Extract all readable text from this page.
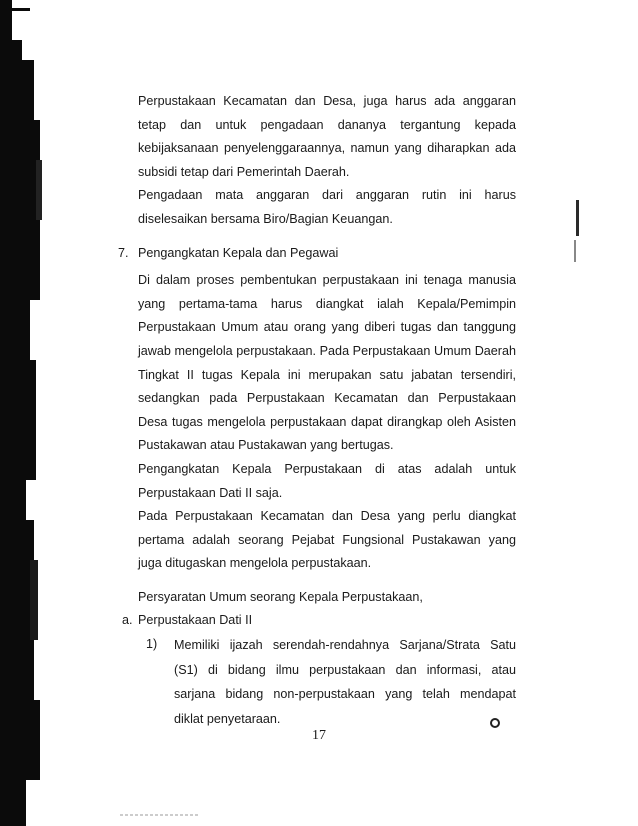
Perpustakaan Kecamatan dan Desa, juga harus ada anggaran
tetap dan untuk pengadaan dananya tergantung kepada
kebijaksanaan penyelenggaraannya, namun yang diharapkan ada
subsidi tetap dari Pemerintah Daerah.

Pengadaan mata anggaran dari anggaran rutin ini harus
diselesaikan bersama Biro/Bagian Keuangan.

7. Pengangkatan Kepala dan Pegawai

Di dalam proses pembentukan perpustakaan ini tenaga manusia
yang pertama-tama harus diangkat ialah Kepala/Pemimpin
Perpustakaan Umum atau orang yang diberi tugas dan tanggung
jawab mengelola perpustakaan. Pada Perpustakaan Umum Daerah
Tingkat II tugas Kepala ini merupakan satu jabatan tersendiri,
sedangkan pada Perpustakaan Kecamatan dan Perpustakaan
Desa tugas mengelola perpustakaan dapat dirangkap oleh Asisten
Pustakawan atau Pustakawan yang bertugas.

Pengangkatan Kepala Perpustakaan di atas adalah untuk
Perpustakaan Dati II saja.

Pada Perpustakaan Kecamatan dan Desa yang perlu diangkat
pertama adalah seorang Pejabat Fungsional Pustakawan yang
juga ditugaskan mengelola perpustakaan.

Persyaratan Umum seorang Kepala Perpustakaan,

a. Perpustakaan Dati II
1) Memiliki ijazah serendah-rendahnya Sarjana/Strata Satu
(S1) di bidang ilmu perpustakaan dan informasi, atau
sarjana bidang non-perpustakaan yang telah mendapat
diklat penyetaraan.

17
